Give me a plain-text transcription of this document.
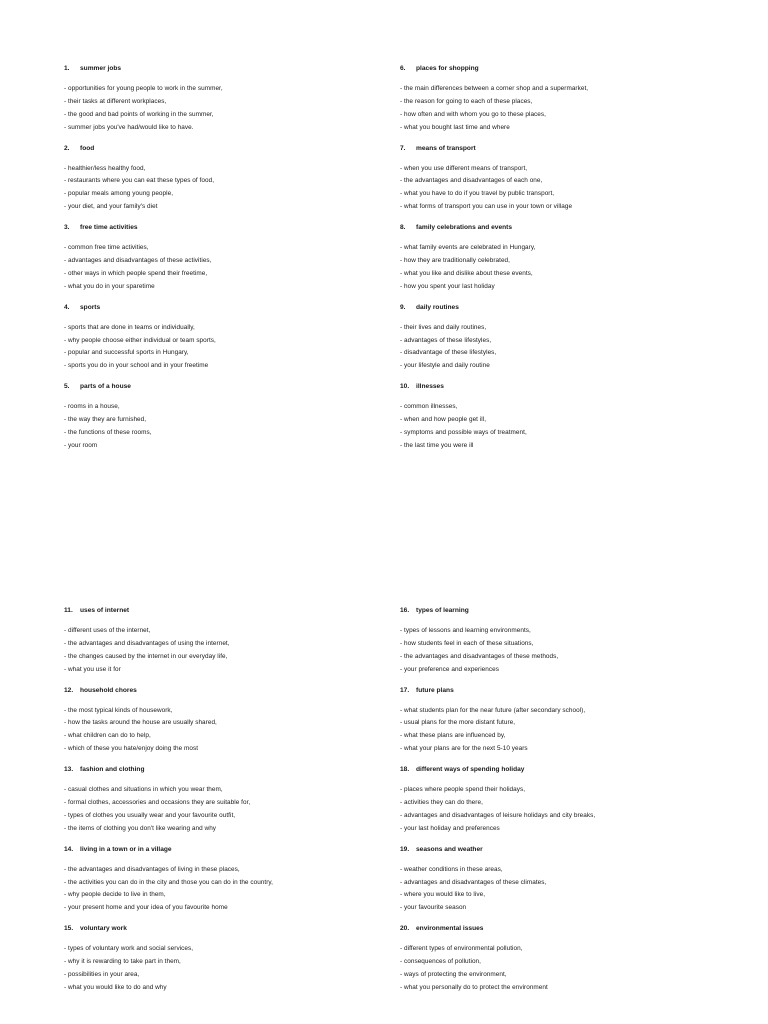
1.	summer jobs
- opportunities for young people to work in the summer,
- their tasks at different workplaces,
- the good and bad points of working in the summer,
- summer jobs you've had/would like to have.
2.	food
- healthier/less healthy food,
- restaurants where you can eat these types of food,
- popular meals among young people,
- your diet, and your family's diet
3.	free time activities
- common free time activities,
- advantages and disadvantages of these activities,
- other ways in which people spend their freetime,
- what you do in your sparetime
4.	sports
- sports that are done in teams or individually,
- why people choose either individual or team sports,
- popular and successful sports in Hungary,
- sports you do in your school and in your freetime
5.	parts of a house
- rooms in a house,
- the way they are furnished,
- the functions of these rooms,
- your room
6.	places for shopping
- the main differences between a corner shop and a supermarket,
- the reason for going to each of these places,
- how often and with whom you go to these places,
- what you bought last time and where
7.	means of transport
- when you use different means of transport,
- the advantages and disadvantages of each one,
- what you have to do if you travel by public transport,
- what forms of transport you can use in your town or village
8.	family celebrations and events
- what family events are celebrated in Hungary,
- how they are traditionally celebrated,
- what you like and dislike about these events,
- how you spent your last holiday
9.	daily routines
- their lives and daily routines,
- advantages of these lifestyles,
- disadvantage of these lifestyles,
- your lifestyle and daily routine
10.	illnesses
- common illnesses,
- when and how people get ill,
- symptoms and possible ways of treatment,
- the last time you were ill
11.	uses of internet
- different uses of the internet,
- the advantages and disadvantages of using the internet,
- the changes caused by the internet in our everyday life,
- what you use it for
12.	household chores
- the most typical kinds of housework,
- how the tasks around the house are usually shared,
- what children can do to help,
- which of these you hate/enjoy doing the most
13.	fashion and clothing
- casual clothes and situations in which you wear them,
- formal clothes, accessories and occasions they are suitable for,
- types of clothes you usually wear and your favourite outfit,
- the items of clothing you don't like wearing and why
14.	living in a town or in a village
- the advantages and disadvantages of living in these places,
- the activities you can do in the city and those you can do in the country,
- why people decide to live in them,
- your present home and your idea of you favourite home
15.	voluntary work
- types of voluntary work and social services,
- why it is rewarding to take part in them,
- possibilities in your area,
- what you would like to do and why
16.	types of learning
- types of lessons and learning environments,
- how students feel in each of these situations,
- the advantages and disadvantages of these methods,
- your preference and experiences
17.	future plans
- what students plan for the near future (after secondary school),
- usual plans for the more distant future,
- what these plans are influenced by,
- what your plans are for the next 5-10 years
18.	different ways of spending holiday
- places where people spend their holidays,
- activities they can do there,
- advantages and disadvantages of leisure holidays and city breaks,
- your last holiday and preferences
19.	seasons and weather
- weather conditions in these areas,
- advantages and disadvantages of these climates,
- where you would like to live,
- your favourite season
20.	environmental issues
- different types of environmental pollution,
- consequences of pollution,
- ways of protecting the environment,
- what you personally do to protect the environment
